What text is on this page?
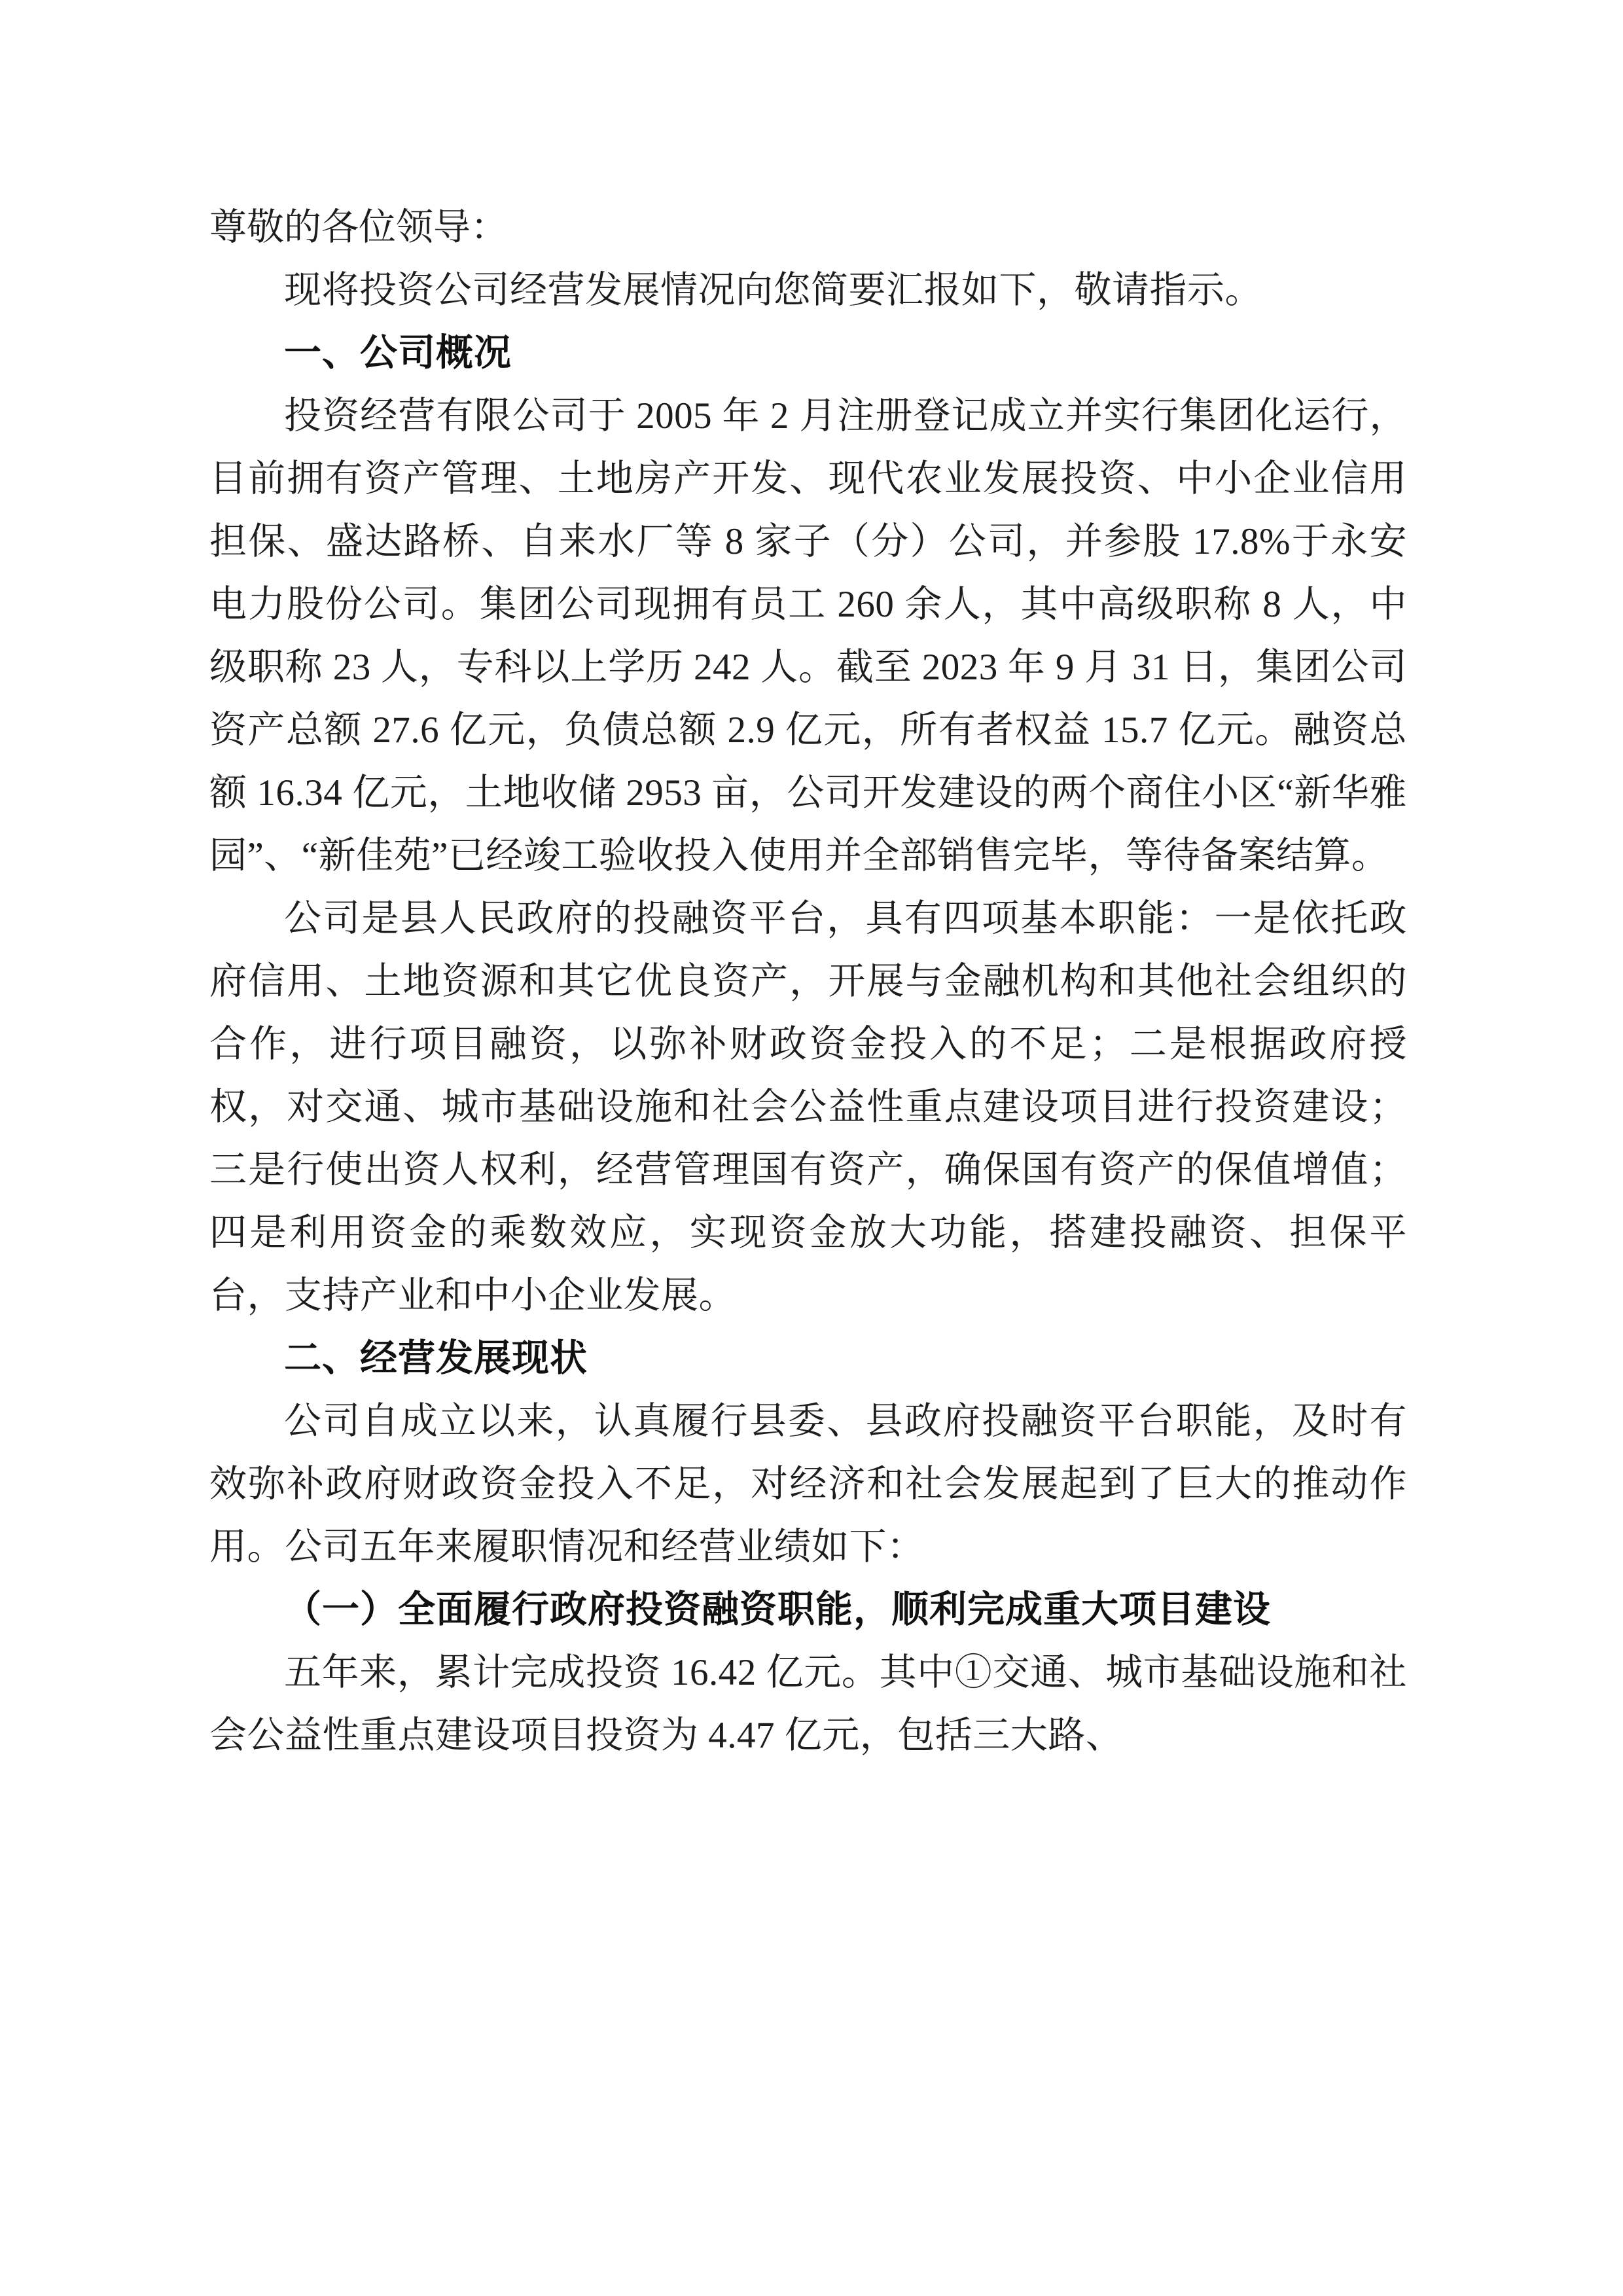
尊敬的各位领导：

现将投资公司经营发展情况向您简要汇报如下，敬请指示。

一、公司概况

投资经营有限公司于 2005 年 2 月注册登记成立并实行集团化运行，目前拥有资产管理、土地房产开发、现代农业发展投资、中小企业信用担保、盛达路桥、自来水厂等 8 家子（分）公司，并参股 17.8%于永安电力股份公司。集团公司现拥有员工 260 余人，其中高级职称 8 人，中级职称 23 人，专科以上学历 242 人。截至 2023 年 9 月 31 日，集团公司资产总额 27.6 亿元，负债总额 2.9 亿元，所有者权益 15.7 亿元。融资总额 16.34 亿元，土地收储 2953 亩，公司开发建设的两个商住小区“新华雅园”、“新佳苑”已经竣工验收投入使用并全部销售完毕，等待备案结算。

公司是县人民政府的投融资平台，具有四项基本职能：一是依托政府信用、土地资源和其它优良资产，开展与金融机构和其他社会组织的合作，进行项目融资，以弥补财政资金投入的不足；二是根据政府授权，对交通、城市基础设施和社会公益性重点建设项目进行投资建设；三是行使出资人权利，经营管理国有资产，确保国有资产的保值增值；四是利用资金的乘数效应，实现资金放大功能，搭建投融资、担保平台，支持产业和中小企业发展。

二、经营发展现状

公司自成立以来，认真履行县委、县政府投融资平台职能，及时有效弥补政府财政资金投入不足，对经济和社会发展起到了巨大的推动作用。公司五年来履职情况和经营业绩如下：

（一）全面履行政府投资融资职能，顺利完成重大项目建设

五年来，累计完成投资 16.42 亿元。其中①交通、城市基础设施和社会公益性重点建设项目投资为 4.47 亿元，包括三大路、
